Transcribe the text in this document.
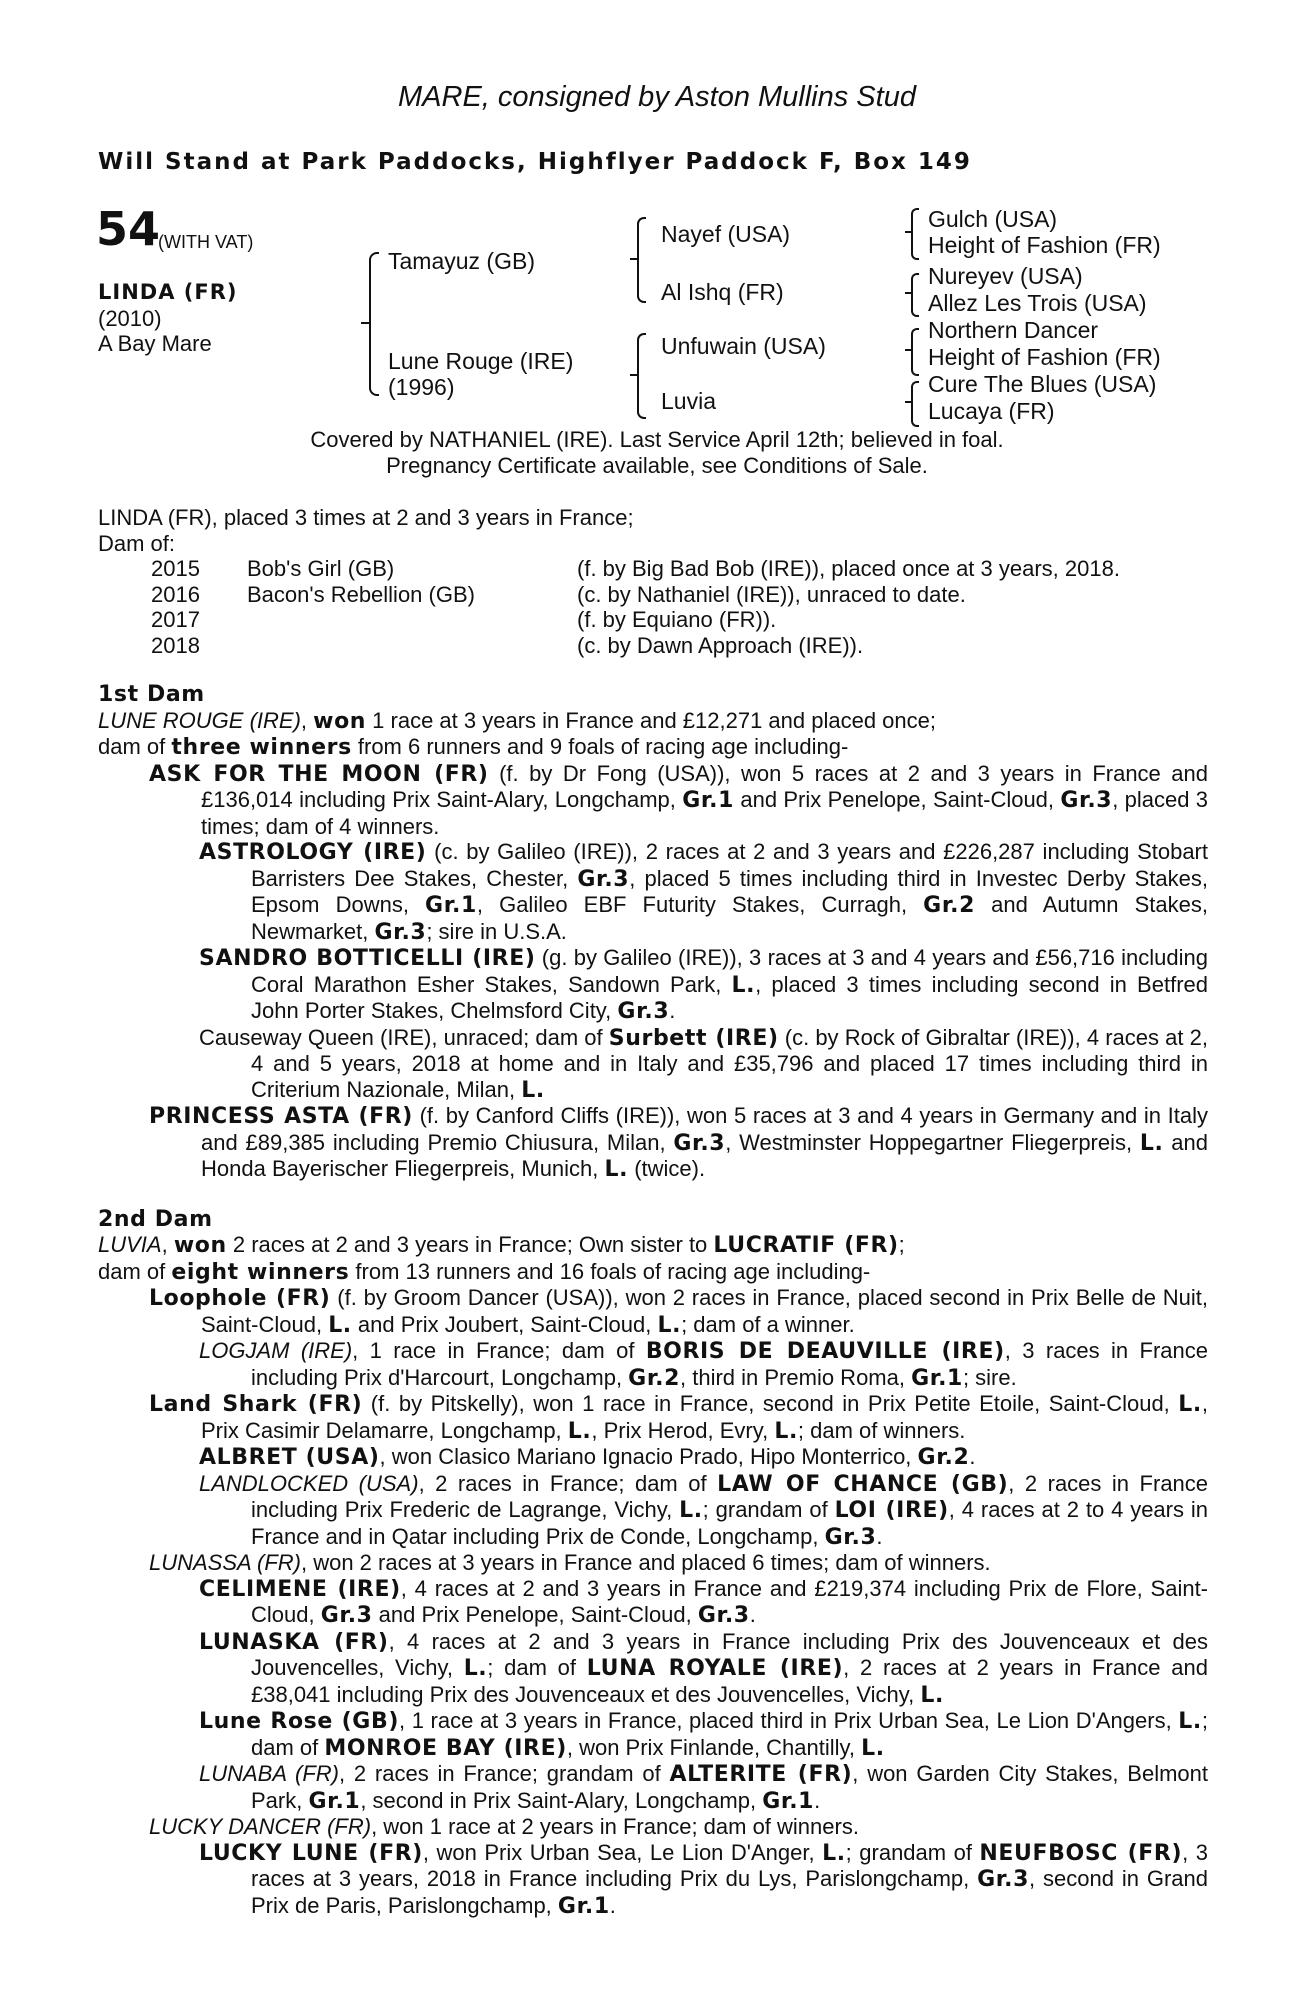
MARE, consigned by Aston Mullins Stud
Will Stand at Park Paddocks, Highflyer Paddock F, Box 149
54
(WITH VAT)
LINDA (FR)
(2010)
A Bay Mare
Tamayuz (GB)
Lune Rouge (IRE)
(1996)
Nayef (USA)
Al Ishq (FR)
Unfuwain (USA)
Luvia
Gulch (USA)
Height of Fashion (FR)
Nureyev (USA)
Allez Les Trois (USA)
Northern Dancer
Height of Fashion (FR)
Cure The Blues (USA)
Lucaya (FR)
Covered by NATHANIEL (IRE). Last Service April 12th; believed in foal.
Pregnancy Certificate available, see Conditions of Sale.

LINDA (FR), placed 3 times at 2 and 3 years in France;

Dam of:

2015	Bob's Girl (GB)	(f. by Big Bad Bob (IRE)), placed once at 3 years, 2018.
2016	Bacon's Rebellion (GB)	(c. by Nathaniel (IRE)), unraced to date.
2017		(f. by Equiano (FR)).
2018		(c. by Dawn Approach (IRE)).

1st Dam

LUNE ROUGE (IRE), won 1 race at 3 years in France and £12,271 and placed once;

dam of three winners from 6 runners and 9 foals of racing age including-

ASK FOR THE MOON (FR) (f. by Dr Fong (USA)), won 5 races at 2 and 3 years in France and £136,014 including Prix Saint-Alary, Longchamp, Gr.1 and Prix Penelope, Saint-Cloud, Gr.3, placed 3 times; dam of 4 winners.

ASTROLOGY (IRE) (c. by Galileo (IRE)), 2 races at 2 and 3 years and £226,287 including Stobart Barristers Dee Stakes, Chester, Gr.3, placed 5 times including third in Investec Derby Stakes, Epsom Downs, Gr.1, Galileo EBF Futurity Stakes, Curragh, Gr.2 and Autumn Stakes, Newmarket, Gr.3; sire in U.S.A.

SANDRO BOTTICELLI (IRE) (g. by Galileo (IRE)), 3 races at 3 and 4 years and £56,716 including Coral Marathon Esher Stakes, Sandown Park, L., placed 3 times including second in Betfred John Porter Stakes, Chelmsford City, Gr.3.

Causeway Queen (IRE), unraced; dam of Surbett (IRE) (c. by Rock of Gibraltar (IRE)), 4 races at 2, 4 and 5 years, 2018 at home and in Italy and £35,796 and placed 17 times including third in Criterium Nazionale, Milan, L.

PRINCESS ASTA (FR) (f. by Canford Cliffs (IRE)), won 5 races at 3 and 4 years in Germany and in Italy and £89,385 including Premio Chiusura, Milan, Gr.3, Westminster Hoppegartner Fliegerpreis, L. and Honda Bayerischer Fliegerpreis, Munich, L. (twice).

2nd Dam

LUVIA, won 2 races at 2 and 3 years in France; Own sister to LUCRATIF (FR);

dam of eight winners from 13 runners and 16 foals of racing age including-

Loophole (FR) (f. by Groom Dancer (USA)), won 2 races in France, placed second in Prix Belle de Nuit, Saint-Cloud, L. and Prix Joubert, Saint-Cloud, L.; dam of a winner.

LOGJAM (IRE), 1 race in France; dam of BORIS DE DEAUVILLE (IRE), 3 races in France including Prix d'Harcourt, Longchamp, Gr.2, third in Premio Roma, Gr.1; sire.

Land Shark (FR) (f. by Pitskelly), won 1 race in France, second in Prix Petite Etoile, Saint-Cloud, L., Prix Casimir Delamarre, Longchamp, L., Prix Herod, Evry, L.; dam of winners.

ALBRET (USA), won Clasico Mariano Ignacio Prado, Hipo Monterrico, Gr.2.

LANDLOCKED (USA), 2 races in France; dam of LAW OF CHANCE (GB), 2 races in France including Prix Frederic de Lagrange, Vichy, L.; grandam of LOI (IRE), 4 races at 2 to 4 years in France and in Qatar including Prix de Conde, Longchamp, Gr.3.

LUNASSA (FR), won 2 races at 3 years in France and placed 6 times; dam of winners.

CELIMENE (IRE), 4 races at 2 and 3 years in France and £219,374 including Prix de Flore, Saint-Cloud, Gr.3 and Prix Penelope, Saint-Cloud, Gr.3.

LUNASKA (FR), 4 races at 2 and 3 years in France including Prix des Jouvenceaux et des Jouvencelles, Vichy, L.; dam of LUNA ROYALE (IRE), 2 races at 2 years in France and £38,041 including Prix des Jouvenceaux et des Jouvencelles, Vichy, L.

Lune Rose (GB), 1 race at 3 years in France, placed third in Prix Urban Sea, Le Lion D'Angers, L.; dam of MONROE BAY (IRE), won Prix Finlande, Chantilly, L.

LUNABA (FR), 2 races in France; grandam of ALTERITE (FR), won Garden City Stakes, Belmont Park, Gr.1, second in Prix Saint-Alary, Longchamp, Gr.1.

LUCKY DANCER (FR), won 1 race at 2 years in France; dam of winners.

LUCKY LUNE (FR), won Prix Urban Sea, Le Lion D'Anger, L.; grandam of NEUFBOSC (FR), 3 races at 3 years, 2018 in France including Prix du Lys, Parislongchamp, Gr.3, second in Grand Prix de Paris, Parislongchamp, Gr.1.
